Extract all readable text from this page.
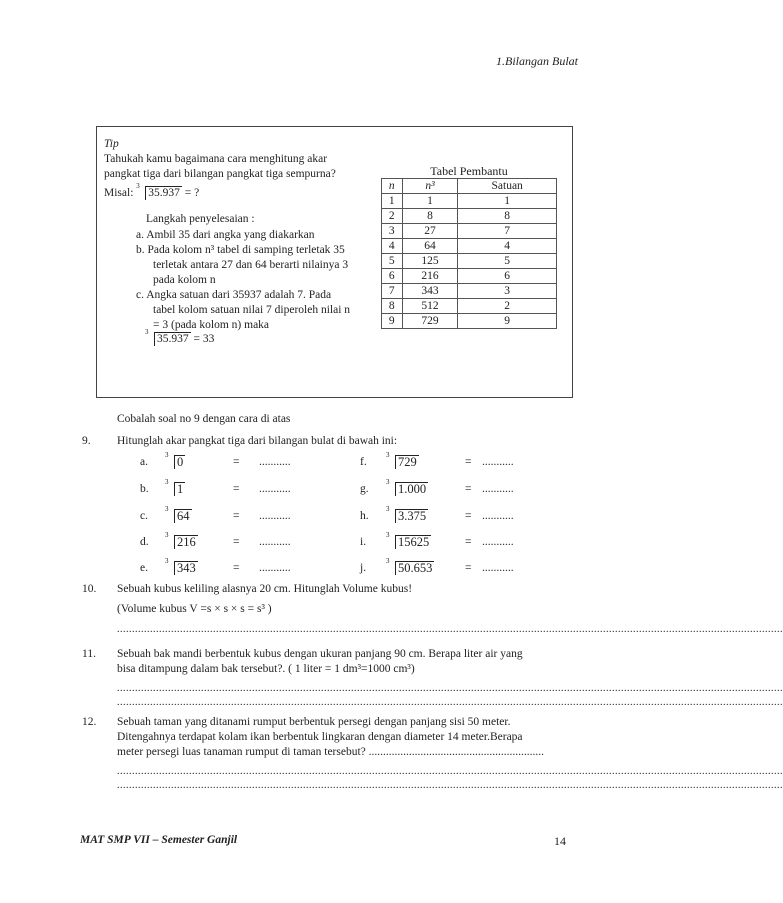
1.Bilangan Bulat
Tip
Tahukah kamu bagaimana cara menghitung akar
pangkat tiga dari bilangan pangkat tiga sempurna?
Misal:
3
35.937 = ?
Langkah penyelesaian :
a. Ambil 35 dari angka yang diakarkan
b. Pada kolom n³ tabel di samping terletak 35
terletak antara 27 dan 64 berarti nilainya 3
pada kolom n
c. Angka satuan dari 35937 adalah 7. Pada
tabel kolom satuan nilai 7 diperoleh nilai n
= 3 (pada kolom n) maka
3
35.937 = 33
Tabel Pembantu		
n	n³	Satuan
1	1	1
2	8	8
3	27	7
4	64	4
5	125	5
6	216	6
7	343	3
8	512	2
9	729	9
Cobalah soal no 9 dengan cara di atas
9. Hitunglah akar pangkat tiga dari bilangan bulat di bawah ini:
a.
3 0	= ...........
b.
3 1	= ...........
c.
3 64	= ...........
d.
3 216	= ...........
e.
3 343	= ...........
f.
3 729	= ...........
g.
3 1.000	= ...........
h.
3 3.375	= ...........
i.
3 15625	= ...........
j.
3 50.653	= ...........
10. Sebuah kubus keliling alasnya 20 cm. Hitunglah Volume kubus!
(Volume kubus V =s × s × s = s³ )
..............................................................................................................................................................................................................................
11. Sebuah bak mandi berbentuk kubus dengan ukuran panjang 90 cm. Berapa liter air yang
bisa ditampung dalam bak tersebut?. ( 1 liter = 1 dm³=1000 cm³)
..............................................................................................................................................................................................................................
..............................................................................................................................................................................................................................
12. Sebuah taman yang ditanami rumput berbentuk persegi dengan panjang sisi 50 meter.
Ditengahnya terdapat kolam ikan berbentuk lingkaran dengan diameter 14 meter.Berapa
meter persegi luas tanaman rumput di taman tersebut? .............................................................
..............................................................................................................................................................................................................................
..............................................................................................................................................................................................................................
MAT SMP VII – Semester Ganjil	14
